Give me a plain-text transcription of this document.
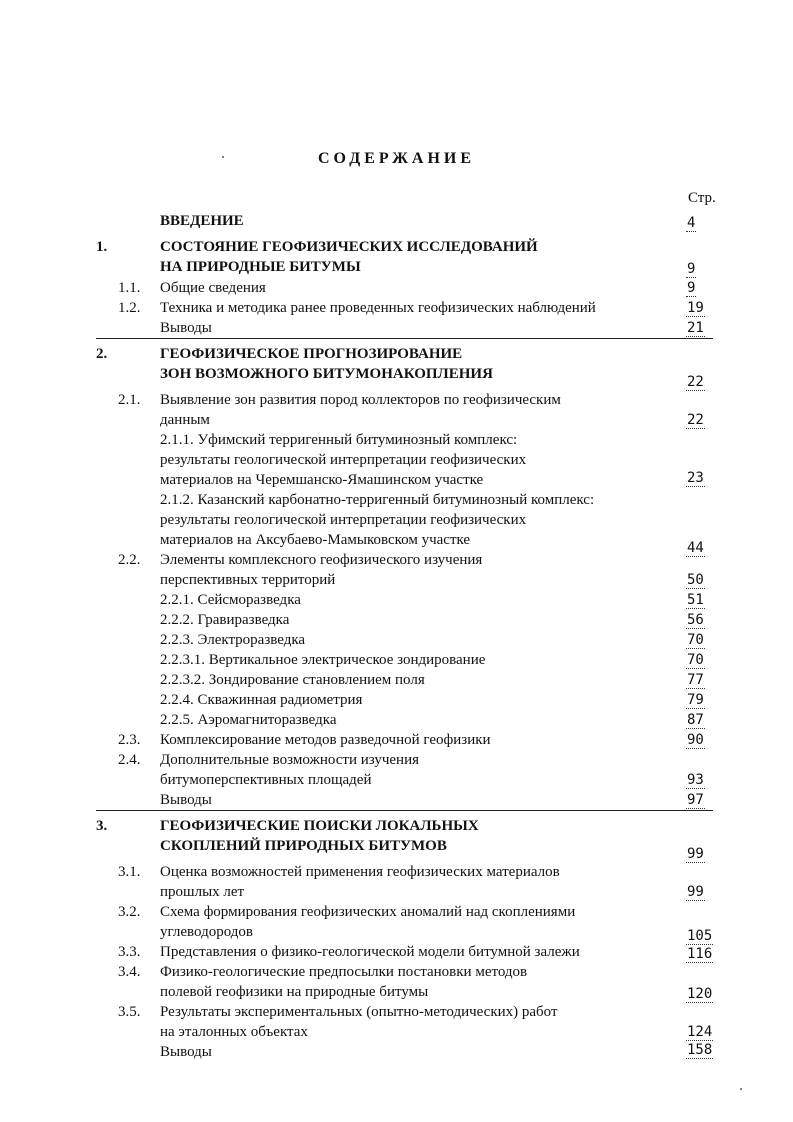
СОДЕРЖАНИЕ
Стр.
ВВЕДЕНИЕ	4
1.	СОСТОЯНИЕ ГЕОФИЗИЧЕСКИХ ИССЛЕДОВАНИЙ
НА ПРИРОДНЫЕ БИТУМЫ	9
1.1. Общие сведения	9
1.2. Техника и методика ранее проведенных геофизических наблюдений	19
Выводы	21
2.	ГЕОФИЗИЧЕСКОЕ ПРОГНОЗИРОВАНИЕ
ЗОН ВОЗМОЖНОГО БИТУМОНАКОПЛЕНИЯ	22
2.1. Выявление зон развития пород коллекторов по геофизическим
данным	22
2.1.1. Уфимский терригенный битуминозный комплекс:
результаты геологической интерпретации геофизических
материалов на Черемшанско-Ямашинском участке	23
2.1.2. Казанский карбонатно-терригенный битуминозный комплекс:
результаты геологической интерпретации геофизических
материалов на Аксубаево-Мамыковском участке	44
2.2. Элементы комплексного геофизического изучения
перспективных территорий	50
2.2.1. Сейсморазведка	51
2.2.2. Гравиразведка	56
2.2.3. Электроразведка	70
2.2.3.1. Вертикальное электрическое зондирование	70
2.2.3.2. Зондирование становлением поля	77
2.2.4. Скважинная радиометрия	79
2.2.5. Аэромагниторазведка	87
2.3. Комплексирование методов разведочной геофизики	90
2.4. Дополнительные возможности изучения
битумоперспективных площадей	93
Выводы	97
3.	ГЕОФИЗИЧЕСКИЕ ПОИСКИ ЛОКАЛЬНЫХ
СКОПЛЕНИЙ ПРИРОДНЫХ БИТУМОВ	99
3.1. Оценка возможностей применения геофизических материалов
прошлых лет	99
3.2. Схема формирования геофизических аномалий над скоплениями
углеводородов	105
3.3. Представления о физико-геологической модели битумной залежи	116
3.4. Физико-геологические предпосылки постановки методов
полевой геофизики на природные битумы	120
3.5. Результаты экспериментальных (опытно-методических) работ
на эталонных объектах	124
Выводы	158
